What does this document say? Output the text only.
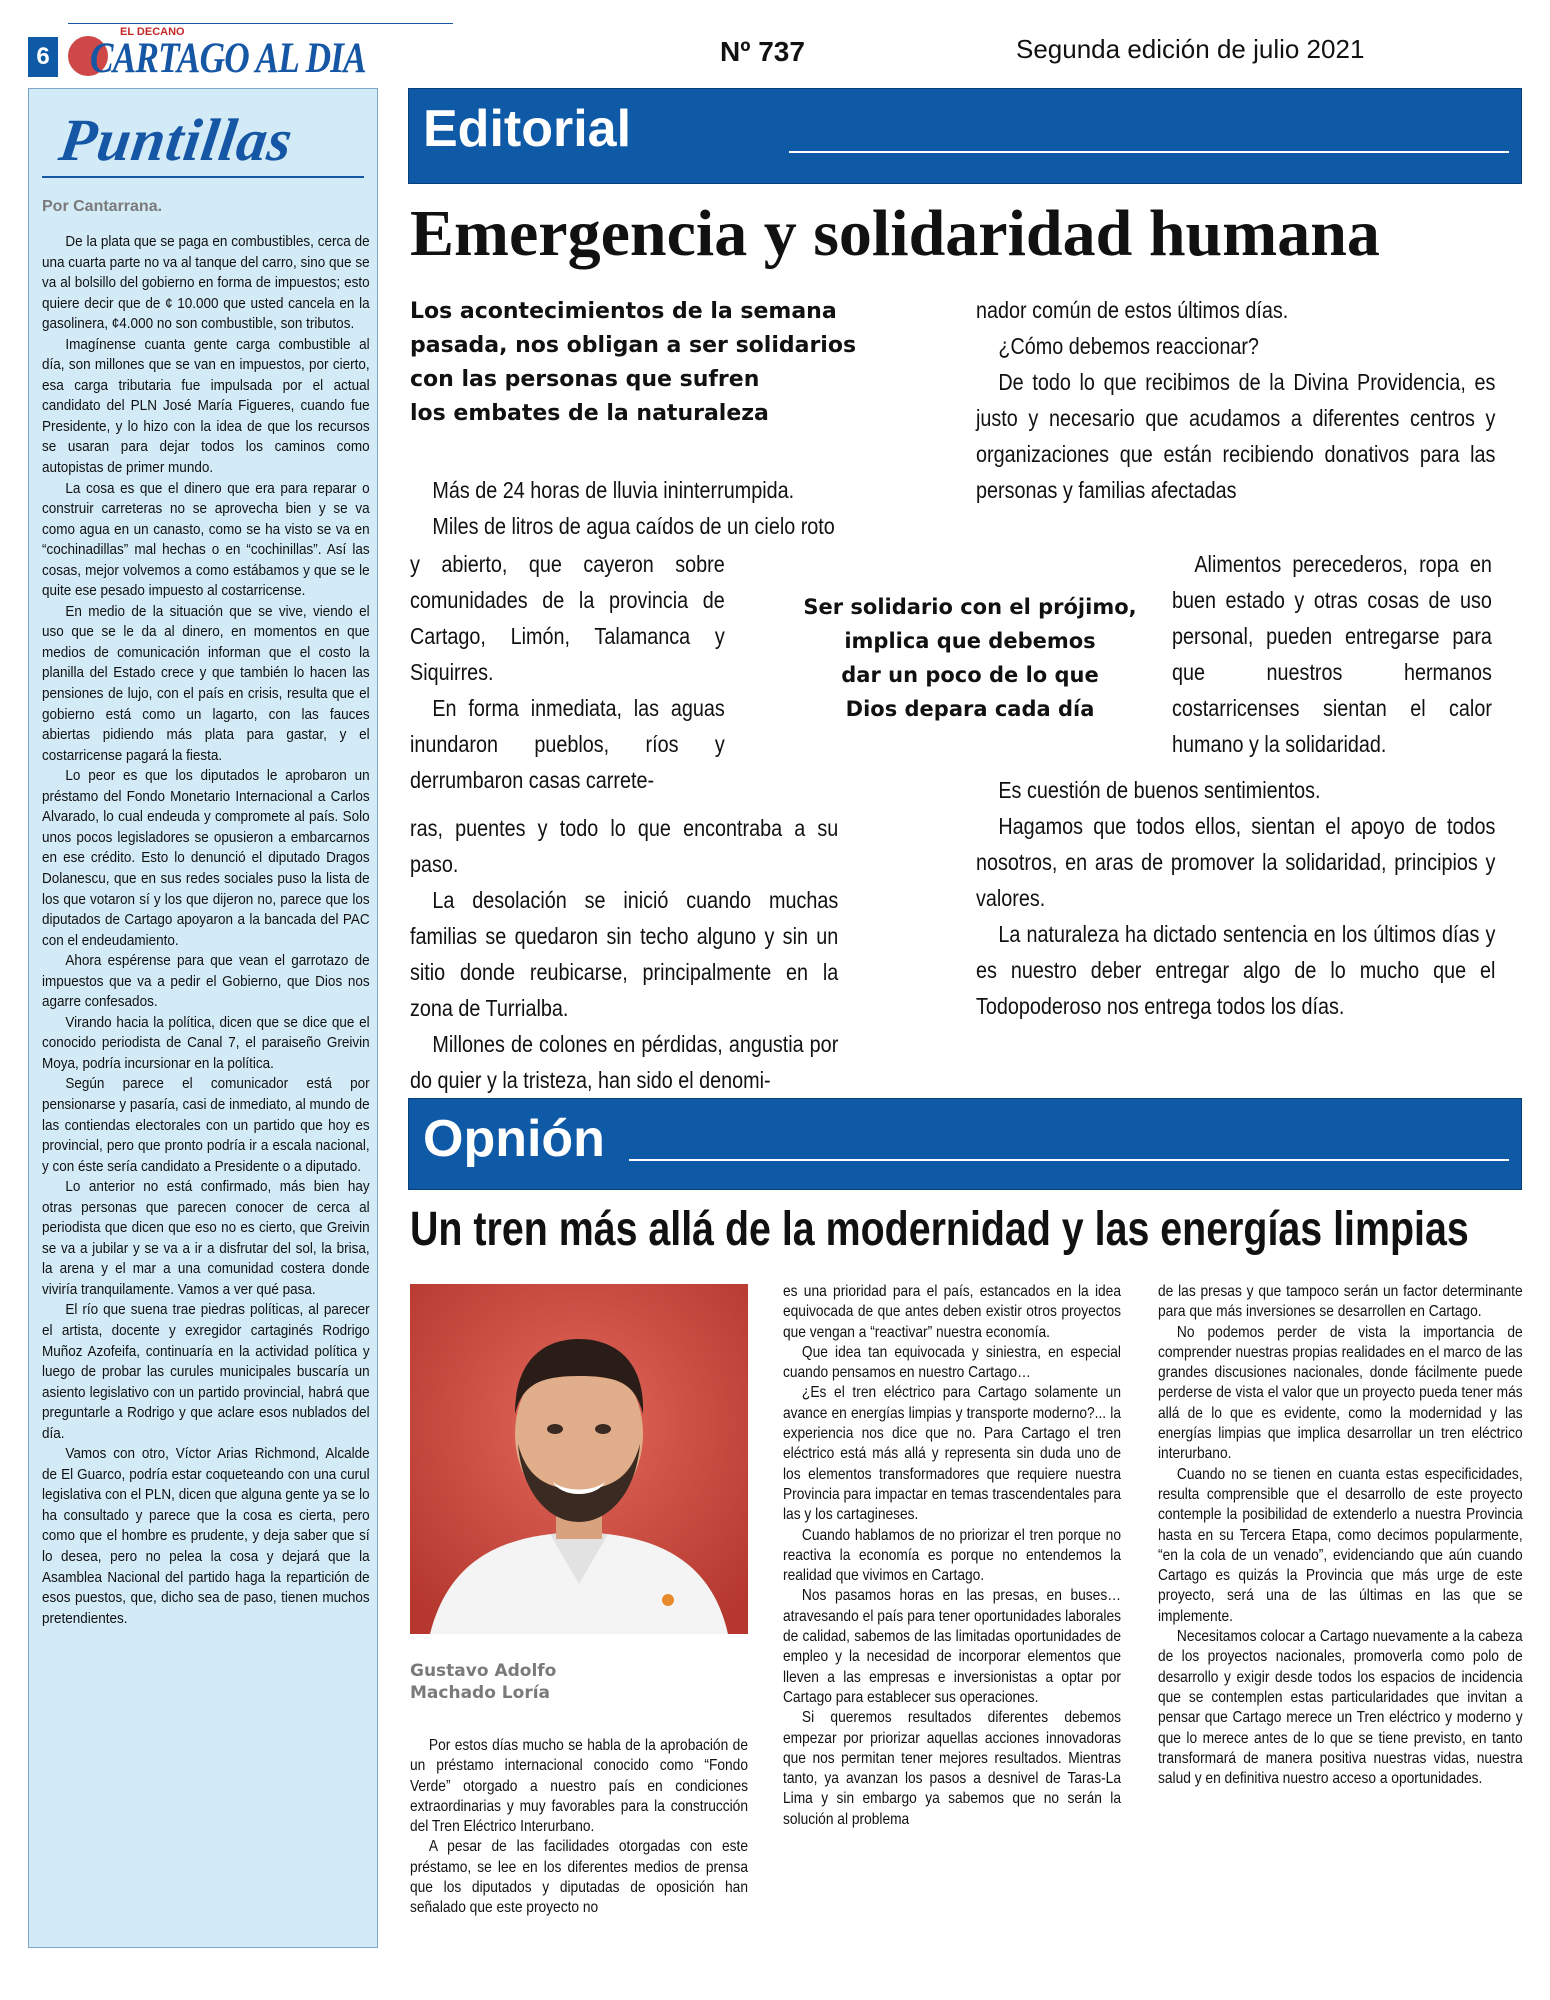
6
EL DECANO
CARTAGO AL DIA	Nº 737	Segunda edición de julio 2021
Puntillas
Por Cantarrana.

De la plata que se paga en combustibles, cerca de una cuarta parte no va al tanque del carro, sino que se va al bolsillo del gobierno en forma de impuestos; esto quiere decir que de ¢ 10.000 que usted cancela en la gasolinera, ¢4.000 no son combustible, son tributos.

Imagínense cuanta gente carga combustible al día, son millones que se van en impuestos, por cierto, esa carga tributaria fue impulsada por el actual candidato del PLN José María Figueres, cuando fue Presidente, y lo hizo con la idea de que los recursos se usaran para dejar todos los caminos como autopistas de primer mundo.

La cosa es que el dinero que era para reparar o construir carreteras no se aprovecha bien y se va como agua en un canasto, como se ha visto se va en “cochinadillas” mal hechas o en “cochinillas”. Así las cosas, mejor volvemos a como estábamos y que se le quite ese pesado impuesto al costarricense.

En medio de la situación que se vive, viendo el uso que se le da al dinero, en momentos en que medios de comunicación informan que el costo la planilla del Estado crece y que también lo hacen las pensiones de lujo, con el país en crisis, resulta que el gobierno está como un lagarto, con las fauces abiertas pidiendo más plata para gastar, y el costarricense pagará la fiesta.

Lo peor es que los diputados le aprobaron un préstamo del Fondo Monetario Internacional a Carlos Alvarado, lo cual endeuda y compromete al país. Solo unos pocos legisladores se opusieron a embarcarnos en ese crédito. Esto lo denunció el diputado Dragos Dolanescu, que en sus redes sociales puso la lista de los que votaron sí y los que dijeron no, parece que los diputados de Cartago apoyaron a la bancada del PAC con el endeudamiento.

Ahora espérense para que vean el garrotazo de impuestos que va a pedir el Gobierno, que Dios nos agarre confesados.

Virando hacia la política, dicen que se dice que el conocido periodista de Canal 7, el paraiseño Greivin Moya, podría incursionar en la política.

Según parece el comunicador está por pensionarse y pasaría, casi de inmediato, al mundo de las contiendas electorales con un partido que hoy es provincial, pero que pronto podría ir a escala nacional, y con éste sería candidato a Presidente o a diputado.

Lo anterior no está confirmado, más bien hay otras personas que parecen conocer de cerca al periodista que dicen que eso no es cierto, que Greivin se va a jubilar y se va a ir a disfrutar del sol, la brisa, la arena y el mar a una comunidad costera donde viviría tranquilamente. Vamos a ver qué pasa.

El río que suena trae piedras políticas, al parecer el artista, docente y exregidor cartaginés Rodrigo Muñoz Azofeifa, continuaría en la actividad política y luego de probar las curules municipales buscaría un asiento legislativo con un partido provincial, habrá que preguntarle a Rodrigo y que aclare esos nublados del día.

Vamos con otro, Víctor Arias Richmond, Alcalde de El Guarco, podría estar coqueteando con una curul legislativa con el PLN, dicen que alguna gente ya se lo ha consultado y parece que la cosa es cierta, pero como que el hombre es prudente, y deja saber que sí lo desea, pero no pelea la cosa y dejará que la Asamblea Nacional del partido haga la repartición de esos puestos, que, dicho sea de paso, tienen muchos pretendientes.

Editorial
Emergencia y solidaridad humana
Los acontecimientos de la semana
pasada, nos obligan a ser solidarios
con las personas que sufren
los embates de la naturaleza

Más de 24 horas de lluvia ininterrumpida.

Miles de litros de agua caídos de un cielo roto

y abierto, que cayeron sobre comunidades de la provincia de Cartago, Limón, Talamanca y Siquirres.

En forma inmediata, las aguas inundaron pueblos, ríos y derrumbaron casas carrete-

ras, puentes y todo lo que encontraba a su paso.

La desolación se inició cuando muchas familias se quedaron sin techo alguno y sin un sitio donde reubicarse, principalmente en la zona de Turrialba.

Millones de colones en pérdidas, angustia por do quier y la tristeza, han sido el denomi-

Ser solidario con el prójimo,
implica que debemos
dar un poco de lo que
Dios depara cada día

nador común de estos últimos días.

¿Cómo debemos reaccionar?

De todo lo que recibimos de la Divina Providencia, es justo y necesario que acudamos a diferentes centros y organizaciones que están recibiendo donativos para las personas y familias afectadas

Alimentos perecederos, ropa en buen estado y otras cosas de uso personal, pueden entregarse para que nuestros hermanos costarricenses sientan el calor humano y la solidaridad.

Es cuestión de buenos sentimientos.

Hagamos que todos ellos, sientan el apoyo de todos nosotros, en aras de promover la solidaridad, principios y valores.

La naturaleza ha dictado sentencia en los últimos días y es nuestro deber entregar algo de lo mucho que el Todopoderoso nos entrega todos los días.

Opnión
Un tren más allá de la modernidad y las energías limpias
Gustavo Adolfo
Machado Loría

Por estos días mucho se habla de la aprobación de un préstamo internacional conocido como “Fondo Verde” otorgado a nuestro país en condiciones extraordinarias y muy favorables para la construcción del Tren Eléctrico Interurbano.

A pesar de las facilidades otorgadas con este préstamo, se lee en los diferentes medios de prensa que los diputados y diputadas de oposición han señalado que este proyecto no

es una prioridad para el país, estancados en la idea equivocada de que antes deben existir otros proyectos que vengan a “reactivar” nuestra economía.

Que idea tan equivocada y siniestra, en especial cuando pensamos en nuestro Cartago…

¿Es el tren eléctrico para Cartago solamente un avance en energías limpias y transporte moderno?... la experiencia nos dice que no. Para Cartago el tren eléctrico está más allá y representa sin duda uno de los elementos transformadores que requiere nuestra Provincia para impactar en temas trascendentales para las y los cartagineses.

Cuando hablamos de no priorizar el tren porque no reactiva la economía es porque no entendemos la realidad que vivimos en Cartago.

Nos pasamos horas en las presas, en buses… atravesando el país para tener oportunidades laborales de calidad, sabemos de las limitadas oportunidades de empleo y la necesidad de incorporar elementos que lleven a las empresas e inversionistas a optar por Cartago para establecer sus operaciones.

Si queremos resultados diferentes debemos empezar por priorizar aquellas acciones innovadoras que nos permitan tener mejores resultados. Mientras tanto, ya avanzan los pasos a desnivel de Taras-La Lima y sin embargo ya sabemos que no serán la solución al problema

de las presas y que tampoco serán un factor determinante para que más inversiones se desarrollen en Cartago.

No podemos perder de vista la importancia de comprender nuestras propias realidades en el marco de las grandes discusiones nacionales, donde fácilmente puede perderse de vista el valor que un proyecto pueda tener más allá de lo que es evidente, como la modernidad y las energías limpias que implica desarrollar un tren eléctrico interurbano.

Cuando no se tienen en cuanta estas especificidades, resulta comprensible que el desarrollo de este proyecto contemple la posibilidad de extenderlo a nuestra Provincia hasta en su Tercera Etapa, como decimos popularmente, “en la cola de un venado”, evidenciando que aún cuando Cartago es quizás la Provincia que más urge de este proyecto, será una de las últimas en las que se implemente.

Necesitamos colocar a Cartago nuevamente a la cabeza de los proyectos nacionales, promoverla como polo de desarrollo y exigir desde todos los espacios de incidencia que se contemplen estas particularidades que invitan a pensar que Cartago merece un Tren eléctrico y moderno y que lo merece antes de lo que se tiene previsto, en tanto transformará de manera positiva nuestras vidas, nuestra salud y en definitiva nuestro acceso a oportunidades.
